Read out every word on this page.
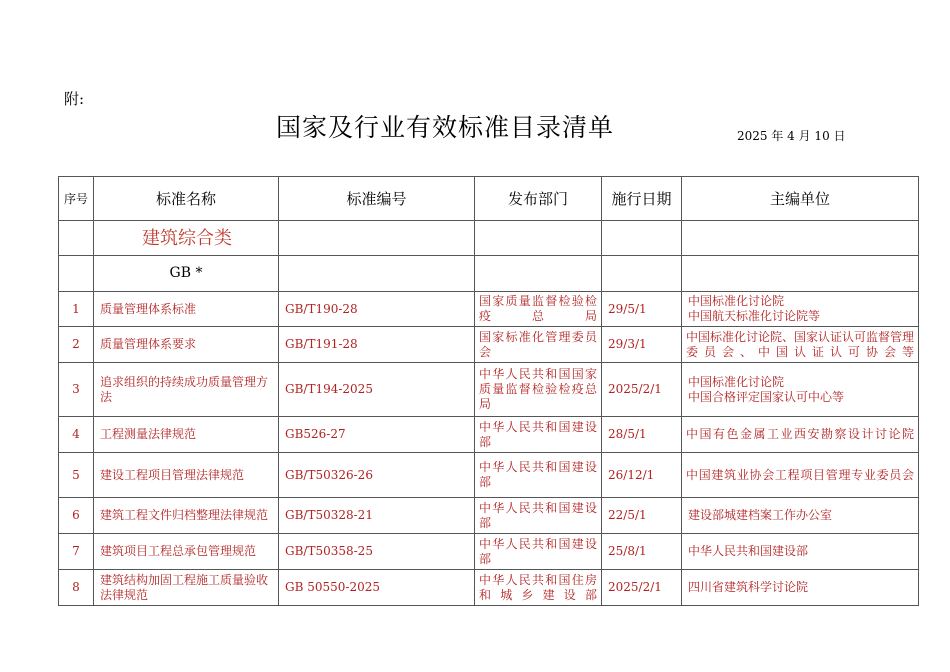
附:
国家及行业有效标准目录清单	2025 年 4 月 10 日
序号	标准名称	标准编号	发布部门	施行日期	主编单位
	建筑综合类				
	GB *				
1	质量管理体系标准	GB/T190-28	国家质量监督检验检疫总局	29/5/1	中国标准化讨论院
中国航天标准化讨论院等
2	质量管理体系要求	GB/T191-28	国家标准化管理委员会	29/3/1	中国标准化讨论院、国家认证认可监督管理委员会、中国认证认可协会等
3	追求组织的持续成功质量管理方法	GB/T194-2025	中华人民共和国国家质量监督检验检疫总局	2025/2/1	中国标准化讨论院
中国合格评定国家认可中心等
4	工程测量法律规范	GB526-27	中华人民共和国建设部	28/5/1	中国有色金属工业西安勘察设计讨论院
5	建设工程项目管理法律规范	GB/T50326-26	中华人民共和国建设部	26/12/1	中国建筑业协会工程项目管理专业委员会
6	建筑工程文件归档整理法律规范	GB/T50328-21	中华人民共和国建设部	22/5/1	建设部城建档案工作办公室
7	建筑项目工程总承包管理规范	GB/T50358-25	中华人民共和国建设部	25/8/1	中华人民共和国建设部
8	建筑结构加固工程施工质量验收法律规范	GB 50550-2025	中华人民共和国住房和城乡建设部	2025/2/1	四川省建筑科学讨论院
